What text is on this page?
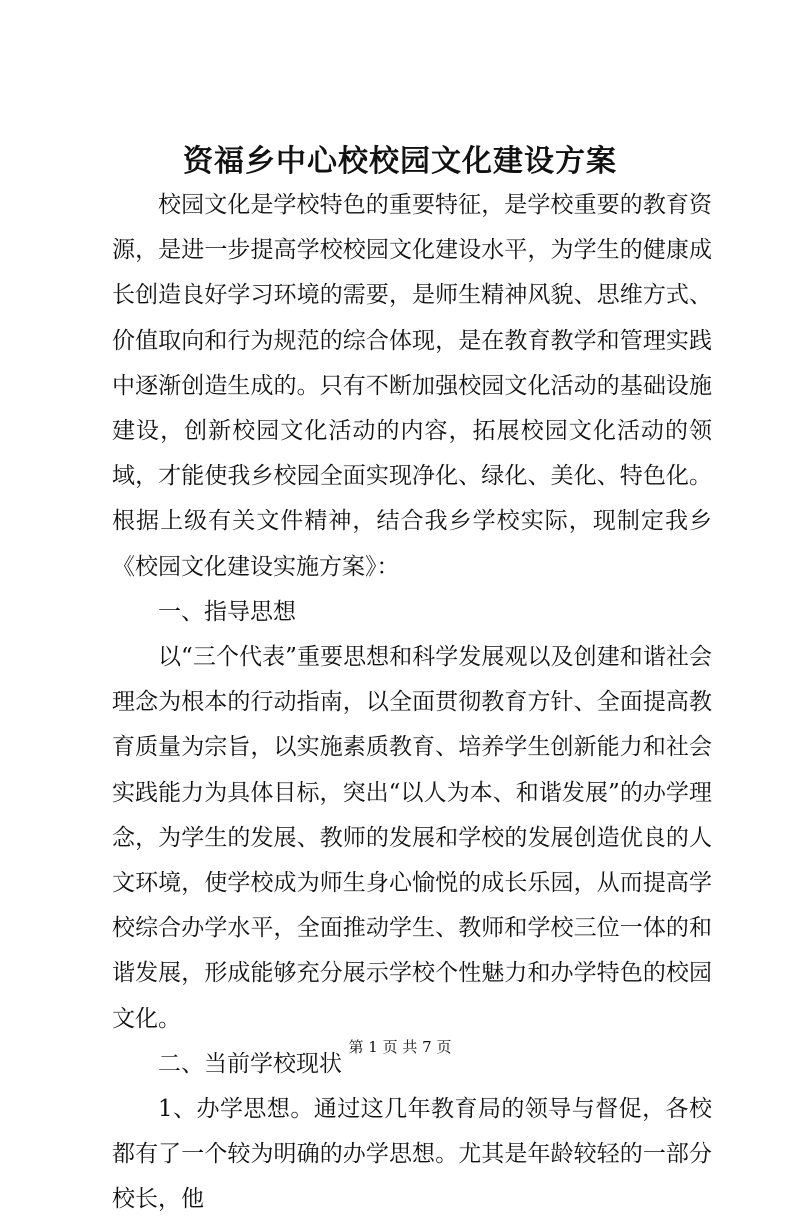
资福乡中心校校园文化建设方案

校园文化是学校特色的重要特征，是学校重要的教育资源，是进一步提高学校校园文化建设水平，为学生的健康成长创造良好学习环境的需要，是师生精神风貌、思维方式、价值取向和行为规范的综合体现，是在教育教学和管理实践中逐渐创造生成的。只有不断加强校园文化活动的基础设施建设，创新校园文化活动的内容，拓展校园文化活动的领域，才能使我乡校园全面实现净化、绿化、美化、特色化。根据上级有关文件精神，结合我乡学校实际，现制定我乡《校园文化建设实施方案》：

一、指导思想

以“三个代表”重要思想和科学发展观以及创建和谐社会理念为根本的行动指南，以全面贯彻教育方针、全面提高教育质量为宗旨，以实施素质教育、培养学生创新能力和社会实践能力为具体目标，突出“以人为本、和谐发展”的办学理念，为学生的发展、教师的发展和学校的发展创造优良的人文环境，使学校成为师生身心愉悦的成长乐园，从而提高学校综合办学水平，全面推动学生、教师和学校三位一体的和谐发展，形成能够充分展示学校个性魅力和办学特色的校园文化。

二、当前学校现状

1、办学思想。通过这几年教育局的领导与督促，各校都有了一个较为明确的办学思想。尤其是年龄较轻的一部分校长，他

第 1 页 共 7 页
